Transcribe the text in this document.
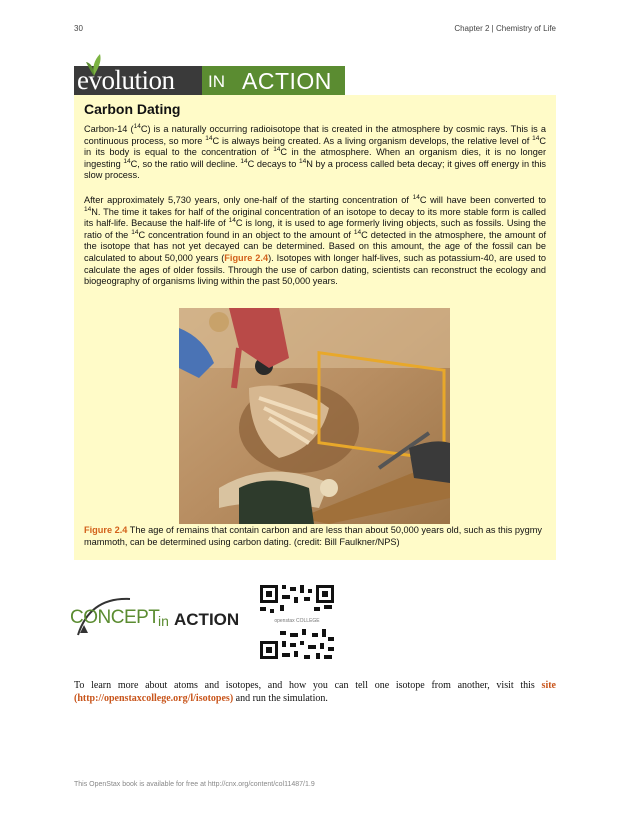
30	Chapter 2 | Chemistry of Life
evolution IN ACTION
Carbon Dating
Carbon-14 ($^{14}$C) is a naturally occurring radioisotope that is created in the atmosphere by cosmic rays. This is a continuous process, so more $^{14}$C is always being created. As a living organism develops, the relative level of $^{14}$C in its body is equal to the concentration of $^{14}$C in the atmosphere. When an organism dies, it is no longer ingesting $^{14}$C, so the ratio will decline. $^{14}$C decays to $^{14}$N by a process called beta decay; it gives off energy in this slow process.
After approximately 5,730 years, only one-half of the starting concentration of $^{14}$C will have been converted to $^{14}$N. The time it takes for half of the original concentration of an isotope to decay to its more stable form is called its half-life. Because the half-life of $^{14}$C is long, it is used to age formerly living objects, such as fossils. Using the ratio of the $^{14}$C concentration found in an object to the amount of $^{14}$C detected in the atmosphere, the amount of the isotope that has not yet decayed can be determined. Based on this amount, the age of the fossil can be calculated to about 50,000 years (Figure 2.4). Isotopes with longer half-lives, such as potassium-40, are used to calculate the ages of older fossils. Through the use of carbon dating, scientists can reconstruct the ecology and biogeography of organisms living within the past 50,000 years.
Figure 2.4 The age of remains that contain carbon and are less than about 50,000 years old, such as this pygmy mammoth, can be determined using carbon dating. (credit: Bill Faulkner/NPS)
CONCEPT
in ACTION	openstax COLLEGE
To learn more about atoms and isotopes, and how you can tell one isotope from another, visit this site (http://openstaxcollege.org/l/isotopes) and run the simulation.
This OpenStax book is available for free at http://cnx.org/content/col11487/1.9
